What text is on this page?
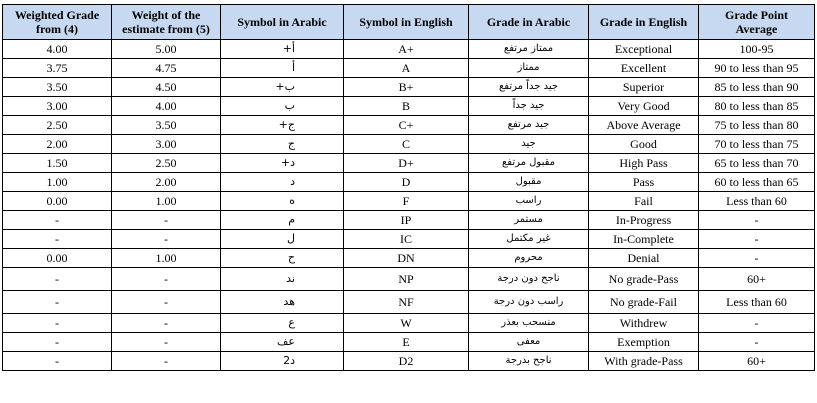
Weighted Grade from (4)	Weight of the estimate from (5)	Symbol in Arabic	Symbol in English	Grade in Arabic	Grade in English	Grade Point Average
4.00	5.00	أ+	A+	ممتاز مرتفع	Exceptional	100-95
3.75	4.75	أ	A	ممتاز	Excellent	90 to less than 95
3.50	4.50	ب+	B+	جيد جداً مرتفع	Superior	85 to less than 90
3.00	4.00	ب	B	جيد جداً	Very Good	80 to less than 85
2.50	3.50	ج+	C+	جيد مرتفع	Above Average	75 to less than 80
2.00	3.00	ج	C	جيد	Good	70 to less than 75
1.50	2.50	د+	D+	مقبول مرتفع	High Pass	65 to less than 70
1.00	2.00	د	D	مقبول	Pass	60 to less than 65
0.00	1.00	ه	F	راسب	Fail	Less than 60
-	-	م	IP	مستمر	In-Progress	-
-	-	ل	IC	غير مكتمل	In-Complete	-
0.00	1.00	ح	DN	محروم	Denial	-
-	-	ند	NP	ناجح دون درجة	No grade-Pass	60+
-	-	هد	NF	راسب دون درجة	No grade-Fail	Less than 60
-	-	ع	W	منسحب بعذر	Withdrew	-
-	-	عف	E	معفى	Exemption	-
-	-	د2	D2	ناجح بدرجة	With grade-Pass	60+
